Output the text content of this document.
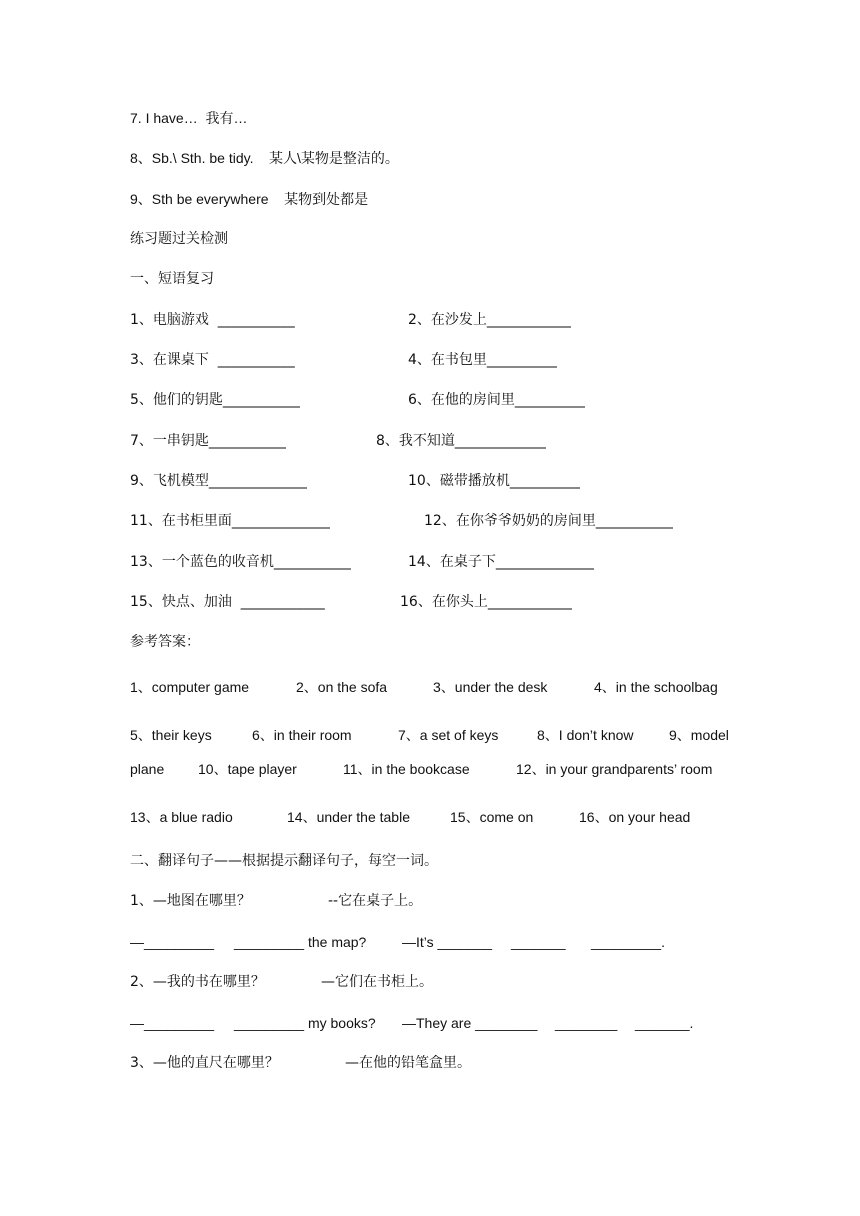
7. I have…  我有…
8、Sb.\ Sth. be tidy.    某人\某物是整洁的。
9、Sth be everywhere    某物到处都是
练习题过关检测
一、短语复习
1、电脑游戏  ___________	2、在沙发上____________
3、在课桌下  ___________	4、在书包里__________
5、他们的钥匙___________	6、在他的房间里__________
7、一串钥匙___________	8、我不知道_____________
9、飞机模型______________	10、磁带播放机__________
11、在书柜里面______________	12、在你爷爷奶奶的房间里___________
13、一个蓝色的收音机___________	14、在桌子下______________
15、快点、加油  ____________	16、在你头上____________
参考答案：
1、computer game	2、on the sofa	3、under the desk	4、in the schoolbag
5、their keys	6、in their room	7、a set of keys	8、I don’t know	9、model
plane 10、tape player	11、in the bookcase	12、in your grandparents’ room
13、a blue radio	14、under the table	15、come on	16、on your head
二、翻译句子——根据提示翻译句子，每空一词。
1、—地图在哪里？	--它在桌子上。
—_________ _________ the map?	—It’s _______ _______ _________.
2、—我的书在哪里？	—它们在书柜上。
—_________ _________ my books? —They are ________ ________ _______.
3、—他的直尺在哪里？	—在他的铅笔盒里。
